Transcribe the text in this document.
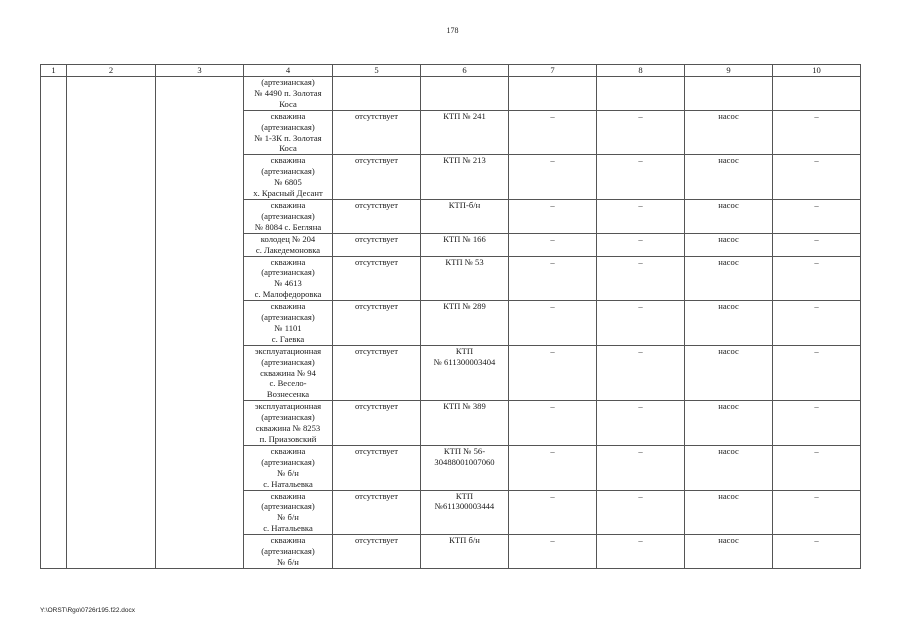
178
1	2	3	4	5	6	7	8	9	10

			(артезианская)
№ 4490 п. Золотая
Коса						

			скважина
(артезианская)
№ 1-ЗК п. Золотая
Коса	отсутствует	КТП № 241	–	–	насос	–

			скважина
(артезианская)
№ 6805
х. Красный Десант	отсутствует	КТП № 213	–	–	насос	–

			скважина
(артезианская)
№ 8084 с. Бегляна	отсутствует	КТП-б/н	–	–	насос	–

			колодец № 204
с. Лакедемоновка	отсутствует	КТП № 166	–	–	насос	–

			скважина
(артезианская)
№ 4613
с. Малофедоровка	отсутствует	КТП № 53	–	–	насос	–

			скважина
(артезианская)
№ 1101
с. Гаевка	отсутствует	КТП № 289	–	–	насос	–

			эксплуатационная
(артезианская)
скважина № 94
с. Весело-
Вознесенка	отсутствует	КТП
№ 611300003404	–	–	насос	–

			эксплуатационная
(артезианская)
скважина № 8253
п. Приазовский	отсутствует	КТП № 389	–	–	насос	–

			скважина
(артезианская)
№ б/н
с. Натальевка	отсутствует	КТП № 56-
30488001007060	–	–	насос	–

			скважина
(артезианская)
№ б/н
с. Натальевка	отсутствует	КТП
№611300003444	–	–	насос	–

			скважина
(артезианская)
№ б/н	отсутствует	КТП б/н	–	–	насос	–
Y:\ORST\Rgo\0726r195.f22.docx
